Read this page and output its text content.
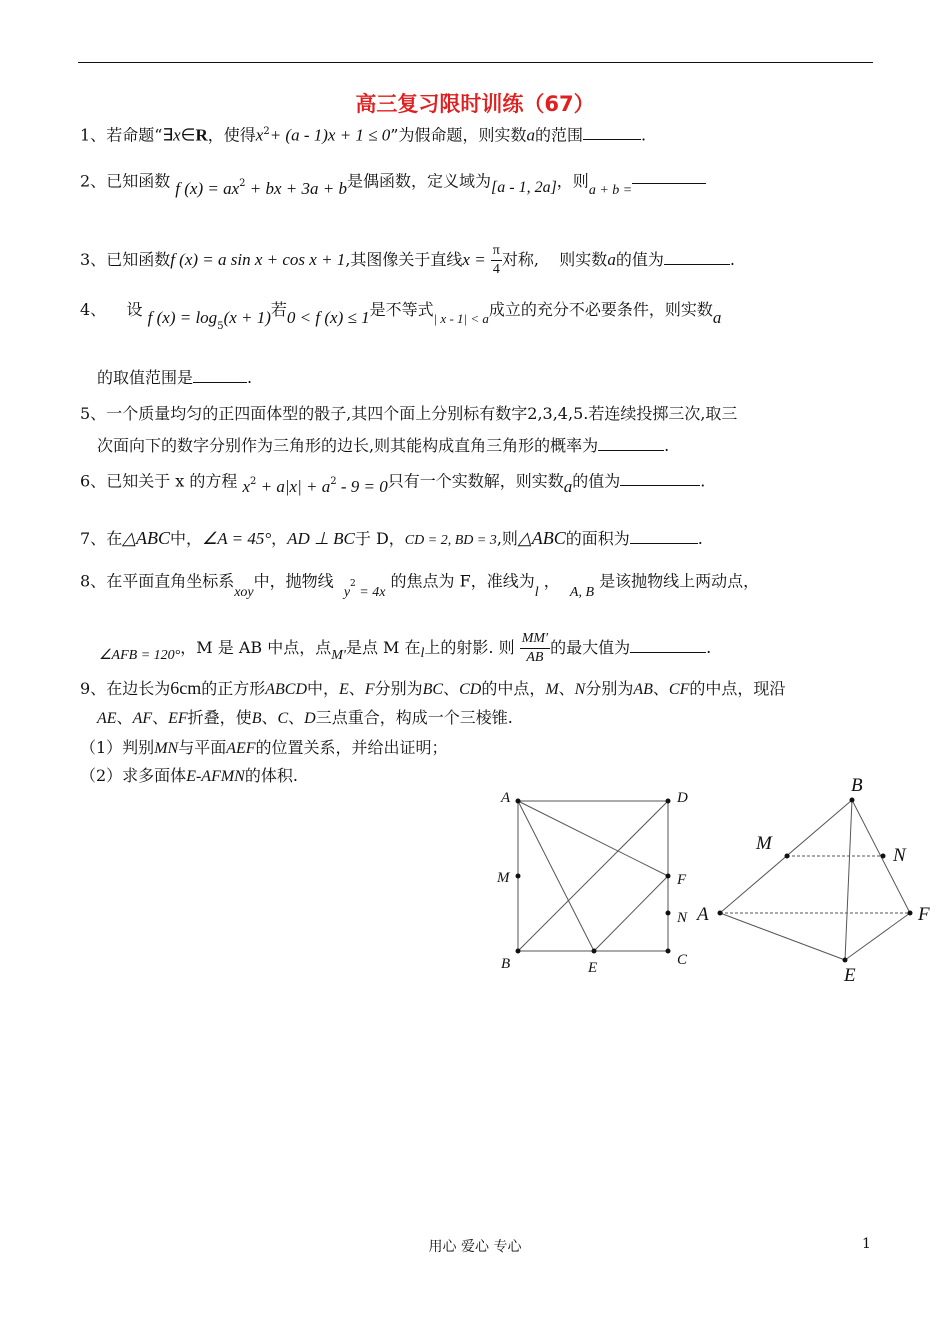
高三复习限时训练（67）
1、若命题“∃x∈R，使得$x^2+ (a - 1)x + 1 \le 0$”为假命题，则实数a的范围	.
2、已知函数 f $(x) = ax^2$ + bx + 3a + b是偶函数，定义域为[a - 1, 2a]，则a + b =
3、已知函数f (x) = a sin x + cos x + 1,其图像关于直线$x = \frac{\pi}{4}$ 对称, 则实数a的值为	.
4、 设 f $(x) = \log_5(x + 1)$若0 < f (x) ≤ 1是不等式$_{| x - 1| < a}$成立的充分不必要条件，则实数a
的取值范围是	.
5、一个质量均匀的正四面体型的骰子,其四个面上分别标有数字2,3,4,5.若连续投掷三次,取三
次面向下的数字分别作为三角形的边长,则其能构成直角三角形的概率为	.
6、已知关于 x 的方程 $x^2 + a|x| + a^2 - 9 = 0$只有一个实数解，则实数a的值为	.
7、在△ABC中，∠A = 45°，AD ⊥ BC于 D，CD = 2, BD = 3,则△ABC的面积为	.
8、在平面直角坐标系xoy中，抛物线  $y^2 = 4x$ 的焦点为 F，准线为l ，  A, B 是该抛物线上两动点，
∠AFB = 120°，M 是 AB 中点，点M′是点 M 在l上的射影. 则 $\frac{MM'}{AB}$ 的最大值为	.
9、在边长为6cm的正方形ABCD中，E、F分别为BC、CD的中点，M、N分别为AB、CF的中点，现沿
AE、AF、EF折叠，使B、C、D三点重合，构成一个三棱锥.
（1）判别MN与平面AEF的位置关系，并给出证明；
（2）求多面体E-AFMN的体积.
A	D
M	F
N
B	E	C
B
M
N
A	F
E
用心 爱心 专心	1
